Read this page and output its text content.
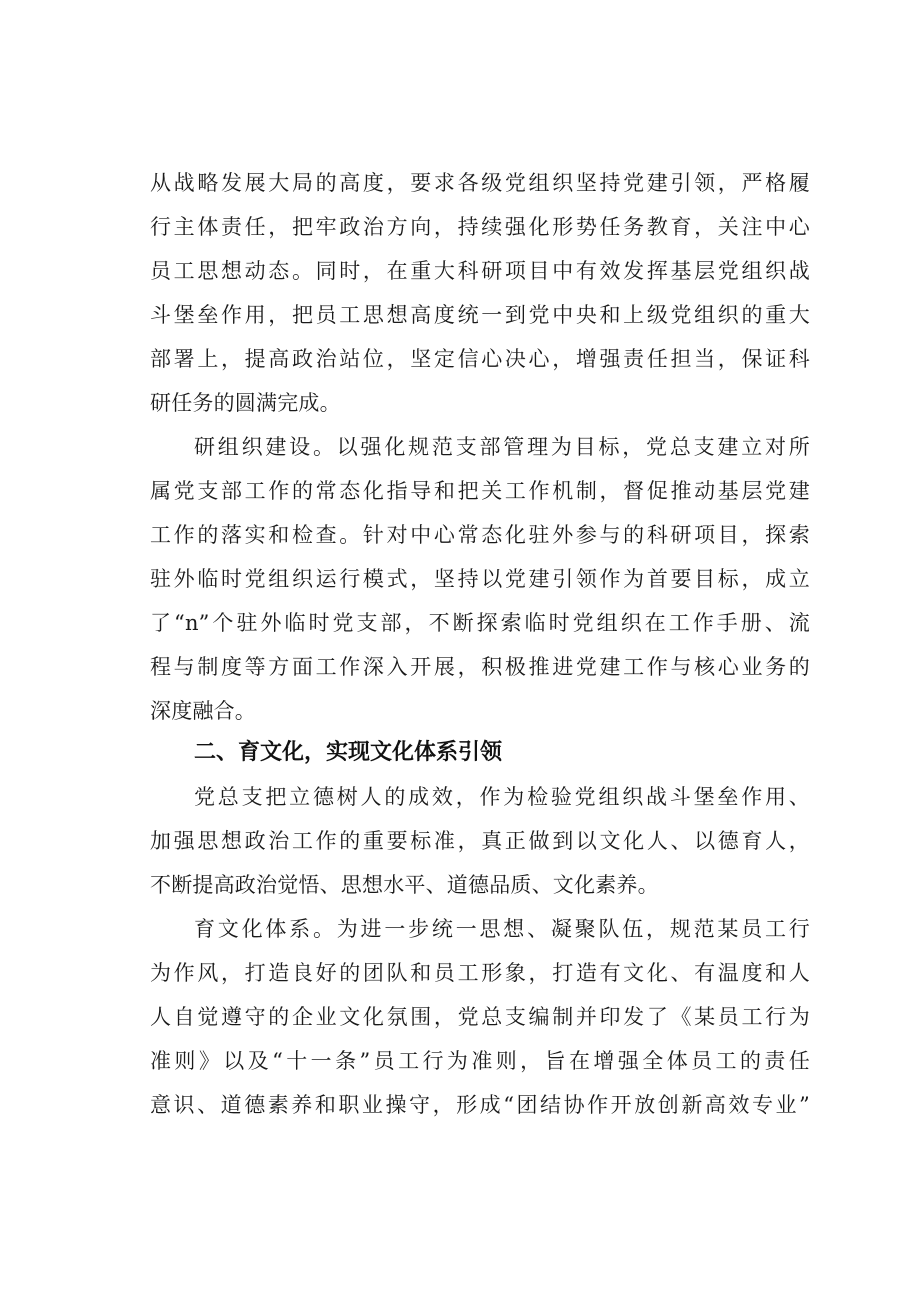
从战略发展大局的高度，要求各级党组织坚持党建引领，严格履
行主体责任，把牢政治方向，持续强化形势任务教育，关注中心
员工思想动态。同时，在重大科研项目中有效发挥基层党组织战
斗堡垒作用，把员工思想高度统一到党中央和上级党组织的重大
部署上，提高政治站位，坚定信心决心，增强责任担当，保证科
研任务的圆满完成。
研组织建设。以强化规范支部管理为目标，党总支建立对所
属党支部工作的常态化指导和把关工作机制，督促推动基层党建
工作的落实和检查。针对中心常态化驻外参与的科研项目，探索
驻外临时党组织运行模式，坚持以党建引领作为首要目标，成立
了“n”个驻外临时党支部，不断探索临时党组织在工作手册、流
程与制度等方面工作深入开展，积极推进党建工作与核心业务的
深度融合。
二、育文化，实现文化体系引领
党总支把立德树人的成效，作为检验党组织战斗堡垒作用、
加强思想政治工作的重要标准，真正做到以文化人、以德育人，
不断提高政治觉悟、思想水平、道德品质、文化素养。
育文化体系。为进一步统一思想、凝聚队伍，规范某员工行
为作风，打造良好的团队和员工形象，打造有文化、有温度和人
人自觉遵守的企业文化氛围，党总支编制并印发了《某员工行为
准则》以及“十一条”员工行为准则，旨在增强全体员工的责任
意识、道德素养和职业操守，形成“团结协作开放创新高效专业”
